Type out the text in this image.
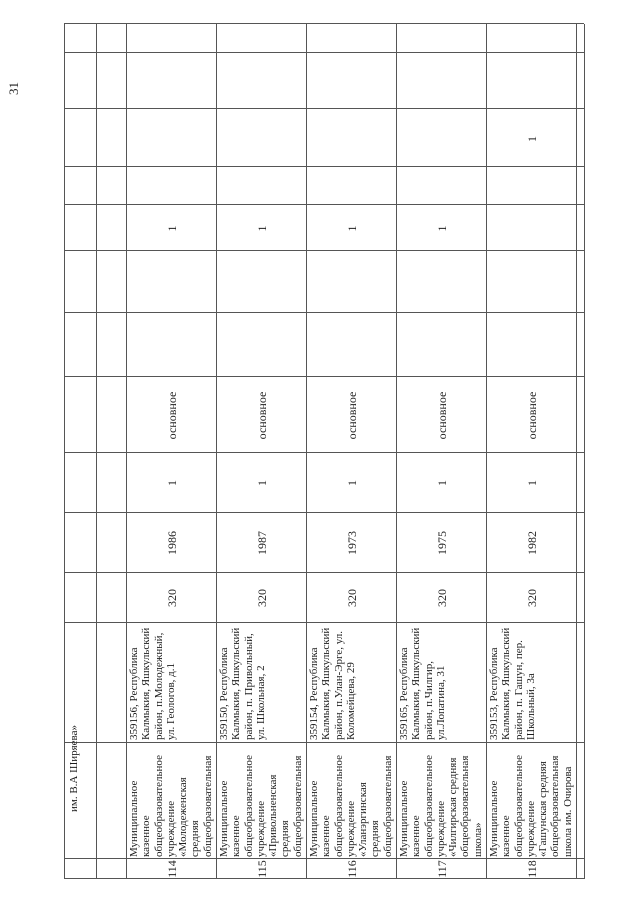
31
им. В.А Ширяева»
114
Муниципальное казенное общеобразовательное учреждение «Молодеженская средняя общеобразовательная
359156, Республика Калмыкия, Яшкульский район, п.Молодежный, ул. Геологов, д.1
320
1986
1
основное
1
115
Муниципальное казенное общеобразовательное учреждение «Привольненская средняя общеобразовательная
359150, Республика Калмыкия, Яшкульский район, п. Привольный, ул. Школьная, 2
320
1987
1
основное
1
116
Муниципальное казенное общеобразовательное учреждение «Уланэргинская средняя общеобразовательная
359154, Республика Калмыкия, Яшкульский район, п.Улан-Эрге, ул. Коломейцева, 29
320
1973
1
основное
1
117
Муниципальное казенное общеобразовательное учреждение «Чилгирская средняя общеобразовательная школа»
359165, Республика Калмыкия, Яшкульский район, п.Чилгир, ул.Лопатина, 31
320
1975
1
основное
1
118
Муниципальное казенное общеобразовательное учреждение «Гашунская средняя общеобразовательная школа им. Очирова
359153, Республика Калмыкия, Яшкульский район, п. Гашун, пер. Школьный, 3а
320
1982
1
основное
1
